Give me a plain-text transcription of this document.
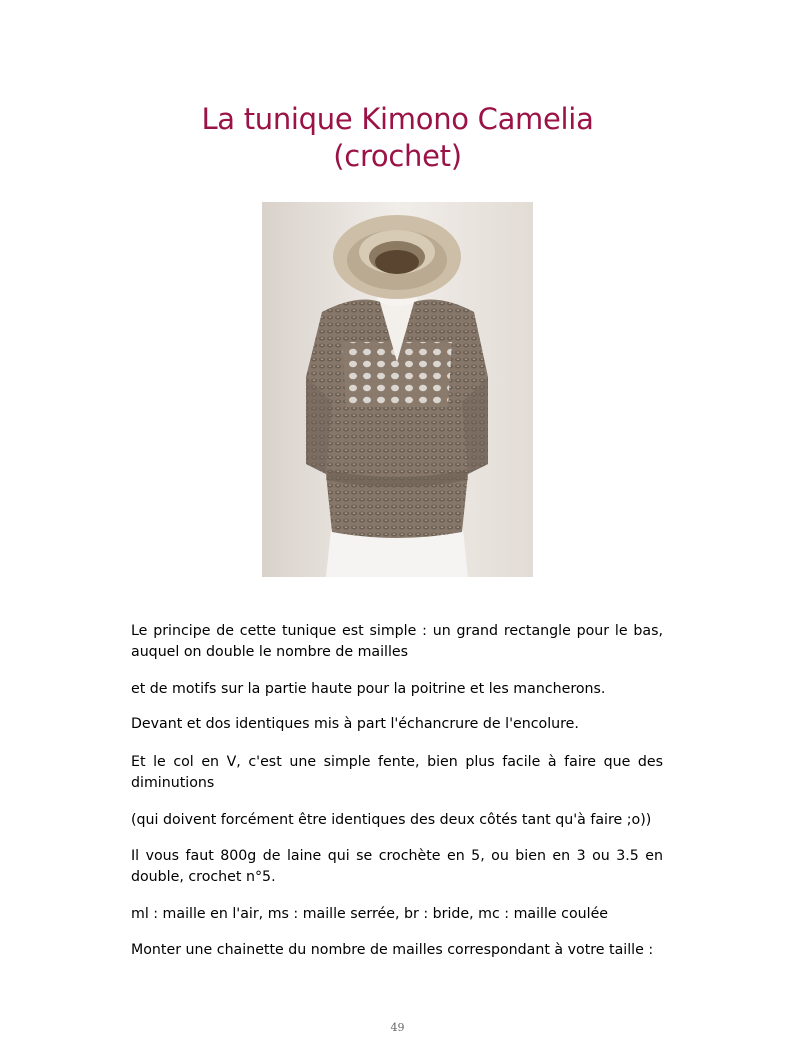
La tunique Kimono Camelia
(crochet)

Le principe de cette tunique est simple : un grand rectangle pour le bas, auquel on double le nombre de mailles

et de motifs sur la partie haute pour la poitrine et les mancherons.

Devant et dos identiques mis à part l'échancrure de l'encolure.

Et le col en V, c'est une simple fente, bien plus facile à faire que des diminutions

(qui doivent forcément être identiques des deux côtés tant qu'à faire ;o))

Il vous faut 800g de laine qui se crochète en 5, ou bien en 3 ou 3.5 en double, crochet n°5.

ml : maille en l'air, ms : maille serrée, br : bride, mc : maille coulée

Monter une chainette du nombre de mailles correspondant à votre taille :

49
